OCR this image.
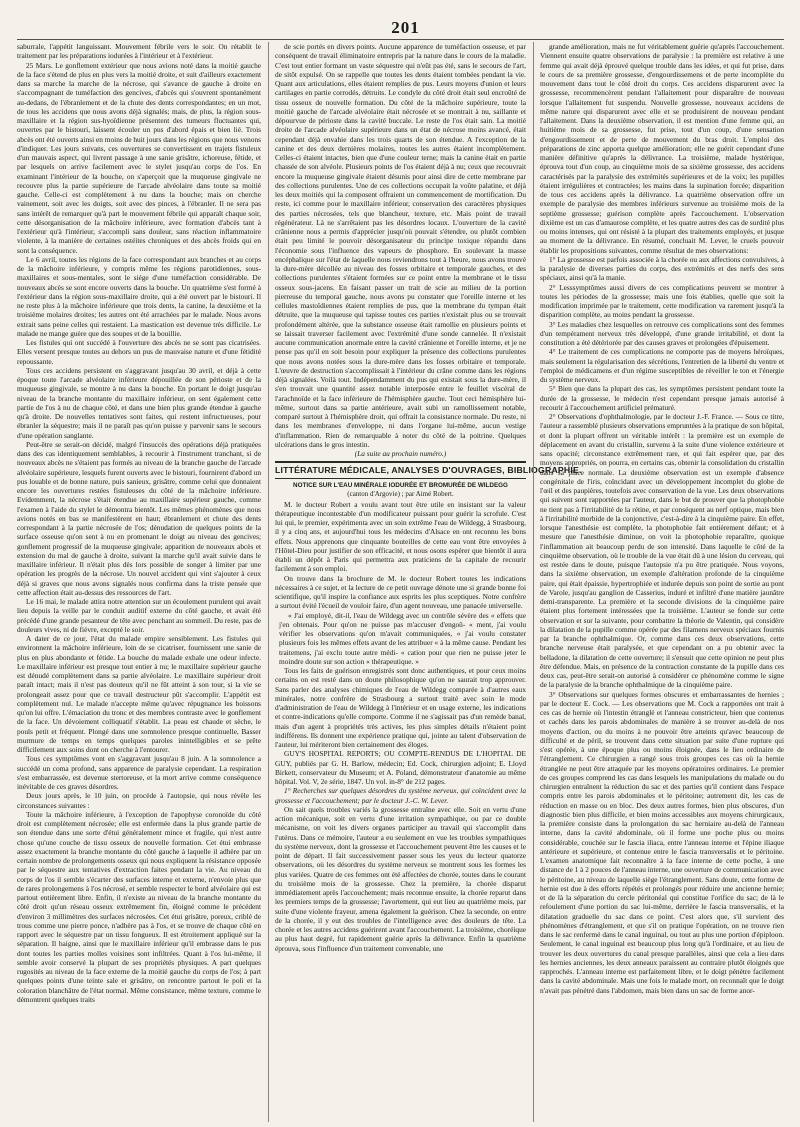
201

saburrale, l'appétit languissant. Mouvement fébrile vers le soir. On rétablit le traitement par les préparations iodurées à l'intérieur et à l'extérieur.

25 Mars. Le gonflement extérieur que nous avions noté dans la moitié gauche de la face s'étend de plus en plus vers la moitié droite, et suit d'ailleurs exactement dans sa marche la marche de la nécrose, qui s'avance de gauche à droite en s'accompagnant de tuméfaction des gencives, d'abcès qui s'ouvrent spontanément au-dedans, de l'ébranlement et de la chute des dents correspondantes; en un mot, de tous les accidens que nous avons déjà signalés; mais, de plus, la région sous-maxillaire et la région sus-hyoïdienne présentent des tumeurs fluctuantes qui, ouvertes par le bistouri, laissent écouler un pus d'abord épais et bien lié. Trois abcès ont été ouverts ainsi en moins de huit jours dans les régions que nous venons d'indiquer. Les jours suivans, ces ouvertures se convertissent en trajets fistuleux d'un mauvais aspect, qui livrent passage à une sanie grisâtre, ichoreuse, fétide, et par lesquels on arrive facilement avec le stylet jusqu'au corps de l'os. En examinant l'intérieur de la bouche, on s'aperçoit que la muqueuse gingivale ne recouvre plus la partie supérieure de l'arcade alvéolaire dans toute sa moitié gauche. Celle-ci est complètement à nu dans la bouche; mais on cherche vainement, soit avec les doigts, soit avec des pinces, à l'ébranler. Il ne sera pas sans intérêt de remarquer qu'à part le mouvement fébrile qui apparaît chaque soir, cette désorganisation de la mâchoire inférieure, avec formation d'abcès tant à l'extérieur qu'à l'intérieur, s'accompli sans douleur, sans réaction inflammatoire violente, à la manière de certaines ostéites chroniques et des abcès froids qui en sont la conséquence.

Le 6 avril, toutes les régions de la face correspondant aux branches et au corps de la mâchoire inférieure, y compris même les régions parotidiennes, sous-maxillaires et sous-mentales, sont le siége d'une tuméfaction considérable. De nouveaux abcès se sont encore ouverts dans la bouche. Un quatrième s'est formé à l'extérieur dans la région sous-maxillaire droite, qui a été ouvert par le bistouri. Il ne reste plus à la mâchoire inférieure que trois dents, la canine, la deuxième et la troisième molaires droites; les autres ont été arrachées par le malade. Nous avons extrait sans peine celles qui restaient. La mastication est devenue très difficile. Le malade ne mange guère que des soupes et de la bouillie.

Les fistules qui ont succédé à l'ouverture des abcès ne se sont pas cicatrisées. Elles versent presque toutes au dehors un pus de mauvaise nature et d'une fétidité repoussante.

Tous ces accidens persistent en s'aggravant jusqu'au 30 avril, et déjà à cette époque toute l'arcade alvéolaire inférieure dépouillée de son périoste et de la muqueuse gingivale, se montre à nu dans la bouche. En portant le doigt jusqu'au niveau de la branche montante du maxillaire inférieur, on sent également cette partie de l'os à nu de chaque côté, et dans une bien plus grande étendue à gauche qu'à droite. De nouvelles tentatives sont faites, qui restent infructueuses, pour ébranler la séquestre; mais il ne paraît pas qu'on puisse y parvenir sans le secours d'une opération sanglante.

Peut-être se serait-on décidé, malgré l'insuccès des opérations déjà pratiquées dans des cas identiquement semblables, à recourir à l'instrument tranchant, si de nouveaux abcès ne s'étaient pas formés au niveau de la branche gauche de l'arcade alvéolaire supérieure, lesquels furent ouverts avec le bistouri, fournirent d'abord un pus louable et de bonne nature, puis sanieux, grisâtre, comme celui que donnaient encore les ouvertures restées fistuleuses du côté de la mâchoire inférieure. Evidemment, la nécrose s'était étendue au maxillaire supérieur gauche, comme l'examen à l'aide du stylet le démontra bientôt. Les mêmes phénomènes que nous avions notés en bas se manifestèrent en haut; ébranlement et chute des dents correspondant à la partie nécrosée de l'os; dénudation de quelques points de la surface osseuse qu'on sent à nu en promenant le doigt au niveau des gencives; gonflement progressif de la muqueuse gingivale; apparition de nouveaux abcès et extension du mal de gauche à droite, suivant la marche qu'il avait suivie dans le maxillaire inférieur. Il n'était plus dès lors possible de songer à limiter par une opération les progrès de la nécrose. Un nouvel accident qui vint s'ajouter à ceux déjà si graves que nous avons signalés nous confirma dans la triste pensée que cette affection était au-dessus des ressources de l'art.

Le 16 mai, le malade attira notre attention sur un écoulement purulent qui avait lieu depuis la veille par le conduit auditif externe du côté gauche, et avait été précédé d'une grande pesanteur de tête avec penchant au sommeil. Du reste, pas de douleurs vives, ni de fièvre, excepté le soir.

A dater de ce jour, l'état du malade empire sensiblement. Les fistules qui environnent la mâchoire inférieure, loin de se cicatriser, fournissent une sanie de plus en plus abondante et fétide. La bouche du malade exhale une odeur infecte. Le maxillaire inférieur est presque tout entier à nu; le maxillaire supérieur gauche est dénudé complètement dans sa partie alvéolaire. Le maxillaire supérieur droit paraît intact; mais il n'est pas douteux qu'il ne fût atteint à son tour, si la vie se prolongeait assez pour que ce travail destructeur pût s'accomplir. L'appétit est complètement nul. Le malade n'accepte même qu'avec répugnance les boissons qu'on lui offre. L'émaciation du tronc et des membres contraste avec le gonflement de la face. Un dévoiement colliquatif s'établit. La peau est chaude et sèche, le pouls petit et fréquent. Plongé dans une somnolence presque continuelle, Basser murmure de temps en temps quelques paroles inintelligibles et se prête difficilement aux soins dont on cherche à l'entourer.

Tous ces symptômes vont en s'aggravant jusqu'au 8 juin. A la somnolence a succédé un coma profond, sans apparence de paralysie cependant. La respiration s'est embarrassée, est devenue stertoreuse, et la mort arrive comme conséquence inévitable de ces graves désordres.

Deux jours après, le 10 juin, on procède à l'autopsie, qui nous révèle les circonstances suivantes :

Toute la mâchoire inférieure, à l'exception de l'apophyse coronoïde du côté droit est complètement nécrosée; elle est enfermée dans la plus grande partie de son étendue dans une sorte d'étui généralement mince et fragile, qui n'est autre chose qu'une couche de tissu osseux de nouvelle formation. Cet étui embrasse assez exactement la branche montante du côté gauche à laquelle il adhère par un certain nombre de prolongements osseux qui nous expliquent la résistance opposée par le séquestre aux tentatives d'extraction faites pendant la vie. Au niveau du corps de l'os il semble s'écarter des surfaces interne et externe, n'envoie plus que de rares prolongemens à l'os nécrosé, et semble respecter le bord alvéolaire qui est partout entièrement libre. Enfin, il n'existe au niveau de la branche montante du côté droit qu'un réseau osseux extrêmement fin, éloigné comme le précédent d'environ 3 millimètres des surfaces nécrosées. Cet étui grisâtre, poreux, criblé de trous comme une pierre ponce, n'adhère pas à l'os, et se trouve de chaque côté en rapport avec le séquestre par un tissu fongueux. Il est étroitement appliqué sur la séparation. Il baigne, ainsi que le maxillaire inférieur qu'il embrasse dans le pus dont toutes les parties molles voisines sont infiltrées. Quant à l'os lui-même, il semble avoir conservé la plupart de ses propriétés physiques. A part quelques rugosités au niveau de la face externe de la moitié gauche du corps de l'os; à part quelques points d'une teinte sale et grisâtre, on rencontre partout le poli et la coloration blanchâtre de l'état normal. Même consistance, même texture, comme le démontrent quelques traits

de scie portés en divers points. Aucune apparence de tuméfaction osseuse, et par conséquent de travail éliminatoire entrepris par la nature dans le cours de la maladie. C'est tout entier formant un vaste séquestre qui n'eût pas été, sans le secours de l'art, de sitôt expulsé. On se rappelle que toutes les dents étaient tombées pendant la vie. Quant aux articulations, elles étaient remplies de pus. Leurs moyens d'union et leurs cartilages en partie corrodés, détruits. Le condyle du côté droit était seul encroûté de tissu osseux de nouvelle formation. Du côté de la mâchoire supérieure, toute la moitié gauche de l'arcade alvéolaire était nécrosée et se montrait à nu, saillante et dépourvue de périoste dans la cavité buccale. Le reste de l'os était sain. La moitié droite de l'arcade alvéolaire supérieure dans un état de nécrose moins avancé, était cependant déjà envahie dans les trois quarts de son étendue. A l'exception de la canine et des deux dernières molaires, toutes les autres étaient incomplètement. Celles-ci étaient intactes, bien que d'une couleur terne; mais la canine était en partie chassée de son alvéole. Plusieurs points de l'os étaient déjà à nu; ceux que recouvrait encore la muqueuse gingivale étaient désunis pour ainsi dire de cette membrane par des collections purulentes. Une de ces collections occupait la voûte palatine, et déjà les deux moitiés qui la composent offraient un commencement de mortification. Du reste, ici comme pour le maxillaire inférieur, conservation des caractères physiques des parties nécrosées, tels que blancheur, texture, etc. Mais point de travail régénérateur. Là ne s'arrêtaient pas les désordres locaux. L'ouverture de la cavité crânienne nous a permis d'apprécier jusqu'où pouvait s'étendre, ou plutôt combien était peu limité le pouvoir désorganisateur du principe toxique répandu dans l'économie sous l'influence des vapeurs de phosphore. En soulevant la masse encéphalique sur l'état de laquelle nous reviendrons tout à l'heure, nous avons trouvé la dure-mère décollée au niveau des fosses orbitaire et temporale gauches, et des collections purulentes s'étaient formées sur ce point entre la membrane et le tissu osseux sous-jacens. En faisant passer un trait de scie au milieu de la portion pierreuse du temporal gauche, nous avons pu constater que l'oreille interne et les cellules mastoïdiennes étaient remplies de pus, que la membrane du tympan était détruite, que la muqueuse qui tapisse toutes ces parties n'existait plus ou se trouvait profondément altérée, que la substance osseuse était ramollie en plusieurs points et se laissait traverser facilement avec l'extrémité d'une sonde cannelée. Il n'existait aucune communication anormale entre la cavité crânienne et l'oreille interne, et je ne pense pas qu'il en soit besoin pour expliquer la présence des collections purulentes que nous avons notées sous la dure-mère dans les fosses orbitaire et temporale. L'œuvre de destruction s'accomplissait à l'intérieur du crâne comme dans les régions déjà signalées. Voilà tout. Indépendamment du pus qui existait sous la dure-mère, il s'en trouvait une quantité assez notable interposée entre le feuillet viscéral de l'arachnoïde et la face inférieure de l'hémisphère gauche. Tout ceci hémisphère lui-même, surtout dans sa partie antérieure, avait subi un ramollissement notable, comparé surtout à l'hémisphère droit, qui offrait la consistance normale. Du reste, ni dans les membranes d'enveloppe, ni dans l'organe lui-même, aucun vestige d'inflammation. Rien de remarquable à noter du côté de la poitrine. Quelques ulcérations dans le gros intestin.

(La suite au prochain numéro.)

LITTÉRATURE MÉDICALE, ANALYSES D'OUVRAGES, BIBLIOGRAPHIE.

NOTICE SUR L'EAU MINÉRALE IODURÉE ET BROMURÉE DE WILDEGG

(canton d'Argovie) ; par Aimé Robert.

M. le docteur Robert a voulu avant tout être utile en insistant sur la valeur thérapeutique incontestable d'un modificateur puissant pour guérir la scrofule. C'est lui qui, le premier, expérimenta avec un soin extrême l'eau de Wildegg, à Strasbourg, il y a cinq ans, et aujourd'hui tous les médecins d'Alsace en ont reconnu les bons effets. Nous apprenons que cinquante bouteilles de cette eau vont être envoyées à l'Hôtel-Dieu pour justifier de son efficacité, et nous osons espérer que bientôt il aura établi un dépôt à Paris qui permettra aux praticiens de la capitale de recourir facilement à son emploi.

On trouve dans la brochure de M. le docteur Robert toutes les indications nécessaires à ce sujet, et la lecture de ce petit ouvrage dénote une si grande bonne foi scientifique, qu'il inspire la confiance aux esprits les plus sceptiques. Notre confrère a surtout évité l'écueil de vouloir faire, d'un agent nouveau, une panacée universelle.

« J'ai employé, dit-il, l'eau de Wildegg avec un contrôle sévère des « effets que j'en obtenais. Pour qu'on ne puisse pas m'accuser d'engoû- « ment, j'ai voulu vérifier les observations qu'on m'avait communiquées, « j'ai voulu constater plusieurs fois les mêmes effets avant de les attribuer « à la même cause. Pendant les traitemens, j'ai exclu toute autre médi- « cation pour que rien ne puisse jeter le moindre doute sur son action « thérapeutique. »

Tous les faits de guérison enregistrés sont donc authentiques, et pour ceux moins certains on est resté dans un doute philosophique qu'on ne saurait trop approuver. Sans parler des analyses chimiques de l'eau de Wildegg comparée à d'autres eaux minérales, notre confrère de Strasbourg a surtout traité avec soin le mode d'administration de l'eau de Wildegg à l'intérieur et en usage externe, les indications et contre-indications qu'elle comporte. Comme il ne s'agissait pas d'un remède banal, mais d'un agent à propriétés très actives, les plus simples détails n'étaient point indifférens. Ils donnent une expérience pratique qui, jointe au talent d'observation de l'auteur, lui mériteront bien certainement des éloges.

GUY'S HOSPITAL REPORTS; OU COMPTE-RENDUS DE L'HOPITAL DE GUY, publiés par G. H. Barlow, médecin; Ed. Cock, chirurgien adjoint; E. Lloyd Birkett, conservateur du Museum; et A. Poland, démonstrateur d'anatomie au même hôpital. Vol. V, 2e série, 1847. Un vol. in-8° de 212 pages.

1° Recherches sur quelques désordres du système nerveux, qui coïncident avec la grossesse et l'accouchement; par le docteur J.-C. W. Lever.

On sait quels troubles variés la grossesse entraîne avec elle. Soit en vertu d'une action mécanique, soit en vertu d'une irritation sympathique, ou par ce double mécanisme, on voit les divers organes participer au travail qui s'accomplit dans l'utérus. Dans ce mémoire, l'auteur a eu seulement en vue les troubles sympathiques du système nerveux, dont la grossesse et l'accouchement peuvent être les causes et le point de départ. Il fait successivement passer sous les yeux du lecteur quatorze observations, où les désordres du système nerveux se montrent sous les formes les plus variées. Quatre de ces femmes ont été affectées de chorée, toutes dans le courant du troisième mois de la grossesse. Chez la première, la chorée disparut immédiatement après l'accouchement; mais reconnue ensuite, la chorée reparut dans les premiers temps de la grossesse; l'avortement, qui eut lieu au quatrième mois, par suite d'une violente frayeur, amena également la guérison. Chez la seconde, on entre de la chorée, il y eut des troubles de l'intelligence avec des douleurs de tête. La chorée et les autres accidens guérirent avant l'accouchement. La troisième, choréique au plus haut degré, fut rapidement guérie après la délivrance. Enfin la quatrième éprouva, sous l'influence d'un traitement convenable, une

grande amélioration, mais ne fut véritablement guérie qu'après l'accouchement. Viennent ensuite quatre observations de paralysie : la première est relative à une femme qui avait déjà éprouvé quelque trouble dans les idées, et qui fut prise, dans le cours de sa première grossesse, d'engourdissemens et de perte incomplète du mouvement dans tout le côté droit du corps. Ces accidens disparurent avec la grossesse, recommencèrent pendant l'allaitement pour disparaître de nouveau lorsque l'allaitement fut suspendu. Nouvelle grossesse, nouveaux accidens de même nature qui disparurent avec elle et se produisirent de nouveau pendant l'allaitement. Dans la deuxième observation, il est mention d'une femme qui, au huitième mois de sa grossesse, fut prise, tout d'un coup, d'une sensation d'engourdissement et de perte de mouvement du bras droit. L'emploi des préparations de zinc apporta quelque amélioration; elle ne guérit cependant d'une manière définitive qu'après la délivrance. La troisième, malade hystérique, éprouva tout d'un coup, au cinquième mois de sa sixième grossesse, des accidens caractérisés par la paralysie des extrémités supérieures et de la voix; les pupilles étaient irrégulières et contractées; les mains dans la supination forcée; disparition de tous ces accidens après la délivrance. La quatrième observation offre un exemple de paralysie des membres inférieurs survenue au troisième mois de la septième grossesse; guérison complète après l'accouchement. L'observation dixième est un cas d'amaurose complète, et les quatre autres des cas de surdité plus ou moins intenses, qui ont résisté à la plupart des traitements employés, et jusque au moment de la délivrance. En résumé, concluait M. Lever, le cruels pouvoir établir les propositions suivantes, comme résultat de mes observations:

1° La grossesse est parfois associée à la chorée ou aux affections convulsives, à la paralysie de diverses parties du corps, des extrémités et des nerfs des sens spéciaux, ainsi qu'à la manie.

2° Lesssymptômes aussi divers de ces complications peuvent se montrer à toutes les périodes de la grossesse; mais une fois établies, quelle que soit la modification imprimée par le traitement, cette modification va rarement jusqu'à la disparition complète, au moins pendant la grossesse.

3° Les maladies chez lesquelles on retrouve ces complications sont des femmes d'un tempérament nerveux très développé, d'une grande irritabilité, et dont la constitution a été détériorée par des causes graves et prolongées d'épuisement.

4° Le traitement de ces complications ne comporte pas de moyens héroïques, mais seulement la régularisation des sécrétions, l'entretien de la liberté du ventre et l'emploi de médicamens et d'un régime susceptibles de réveiller le ton et l'énergie du système nerveux.

5° Bien que dans la plupart des cas, les symptômes persistent pendant toute la durée de la grossesse, le médecin n'est cependant presque jamais autorisé à recourir à l'accouchement artificiel prématuré.

2° Observations d'ophthalmologie, par le docteur J.-F. France. — Sous ce titre, l'auteur a rassemblé plusieurs observations empruntées à la pratique de son hôpital, et dont la plupart offrent un véritable intérêt : la première est un exemple de déplacement en avant du cristallin, survenu à la suite d'une violence extérieure et sans opacité; circonstance extrêmement rare, et qui fait espérer que, par des moyens appropriés, on pourra, en certains cas, obtenir la consolidation du cristallin dans sa place normale. La deuxième observation est un exemple d'absence congénitale de l'iris, coïncidant avec un développement incomplet du globe de l'œil et des paupières, toutefois avec conservation de la vue. Les deux observations qui suivent sont rapportées par l'auteur, dans le but de prouver que la photophobie ne tient pas à l'irritabilité de la rétine, et par conséquent au nerf optique, mais bien à l'irritabilité morbide de la conjonctive, c'est-à-dire à la cinquième paire. En effet, lorsque l'anesthésie est complète, la photophobie fait entièrement défaut; et à mesure que l'anesthésie diminue, on voit la photophobie reparaître, quoique l'inflammation ait beaucoup perdu de son intensité. Dans laquelle le côté de la cinquième observation, où le trouble de la vue était dû à une lésion du cerveau, qui est restée dans le doute, puisque l'autopsie n'a pu être pratiquée. Nous voyons, dans la sixième observation, un exemple d'altération profonde de la cinquième paire, qui était épaissie, hypertrophiée et indurée depuis son point de sortie au pont de Varole, jusqu'au ganglion de Casserius, induré et infiltré d'une matière jaunâtre demi-transparente. La première et la seconde divisions de la cinquième paire étaient plus fortement intéressées que la troisième. L'auteur se fonde sur cette observation et sur la suivante, pour combattre la théorie de Valentin, qui considère la dilatation de la pupille comme opérée par des filamens nerveux spéciaux fournis par la branche ophthalmique. Or, comme dans ces deux observations, cette branche nerveuse était paralysée, et que cependant on a pu obtenir avec la belladone, la dilatation de cette ouverture; il s'ensuit que cette opinion ne peut plus être défendue. Mais, en présence de la contraction constante de la pupille dans ces deux cas, peut-être serait-on autorisé à considérer ce phénomène comme le signe de la paralysie de la branche ophthalmique de la cinquième paire.

3° Observations sur quelques formes obscures et embarrassantes de hernies ; par le docteur E. Cock. — Les observations que M. Cock a rapportées ont trait à ces cas de hernie où l'intestin étranglé et l'anneau constricteur, bien que contenus et cachés dans les parois abdominales de manière à se trouver au-delà de nos moyens d'action, ou du moins à ne pouvoir être atteints qu'avec beaucoup de difficulté et de péril, se trouvent dans cette situation par suite d'une rupture qui s'est opérée, à une époque plus ou moins éloignée, dans le lieu ordinaire de l'étranglement. Ce chirurgien a rangé sous trois groupes ces cas où la hernie étranglée ne peut être attaquée par les moyens opératoires ordinaires. Le premier de ces groupes comprend les cas dans lesquels les manipulations du malade ou du chirurgien entraînent la réduction du sac et des parties qu'il contient dans l'espace compris entre les parois abdominales et le péritoine; autrement dit, les cas de réduction en masse ou en bloc. Des deux autres formes, bien plus obscures, d'un diagnostic bien plus difficile, et bien moins accessibles aux moyens chirurgicaux, la première consiste dans la prolongation du sac herniaire au-delà de l'anneau interne, dans la cavité abdominale, où il forme une poche plus ou moins considérable, couchée sur le fascia iliaca, entre l'anneau interne et l'épine iliaque antérieure et supérieure, et contenue entre le fascia transversalis et le péritoine. L'examen anatomique fait reconnaître à la face interne de cette poche, à une distance de 1 à 2 pouces de l'anneau interne, une ouverture de communication avec le péritoine, au niveau de laquelle siège l'étranglement. Sans doute, cette forme de hernie est due à des efforts répétés et prolongés pour réduire une ancienne hernie; et de là la séparation du cercle péritonéal qui constitue l'orifice du sac; de là le refoulement d'une portion du sac lui-même, derrière le fascia transversalis, et la dilatation graduelle du sac dans ce point. C'est alors que, s'il survient des phénomènes d'étranglement, et que s'il on pratique l'opération, on ne trouve rien dans le sac renfermé dans le canal inguinal, ou tout au plus une portion d'épiploon. Seulement, le canal inguinal est beaucoup plus long qu'à l'ordinaire, et au lieu de trouver les deux ouvertures du canal presque parallèles, ainsi que cela a lieu dans les hernies anciennes, les deux anneaux paraissent au contraire plutôt éloignés que rapprochés. L'anneau interne est parfaitement libre, et le doigt pénètre facilement dans la cavité abdominale. Mais une fois le malade mort, on reconnaît que le doigt n'avait pas pénétré dans l'abdomen, mais bien dans un sac de forme anor-
